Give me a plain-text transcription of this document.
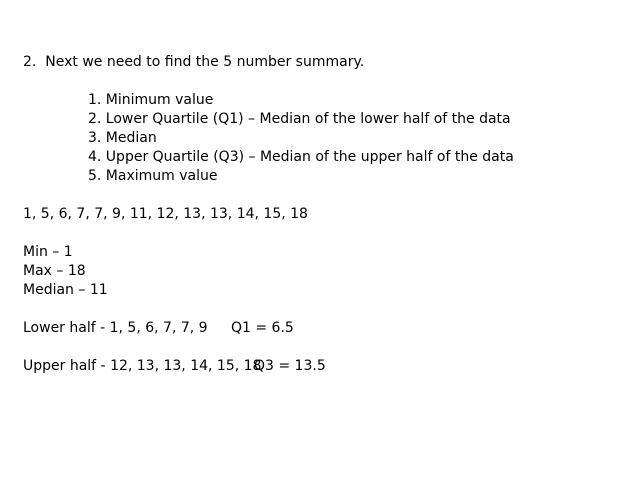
2.  Next we need to find the 5 number summary.
1. Minimum value
2. Lower Quartile (Q1) – Median of the lower half of the data
3. Median
4. Upper Quartile (Q3) – Median of the upper half of the data
5. Maximum value
1, 5, 6, 7, 7, 9, 11, 12, 13, 13, 14, 15, 18
Min – 1
Max – 18
Median – 11
Lower half - 1, 5, 6, 7, 7, 9 Q1 = 6.5
Upper half - 12, 13, 13, 14, 15, 18
Q3 = 13.5
